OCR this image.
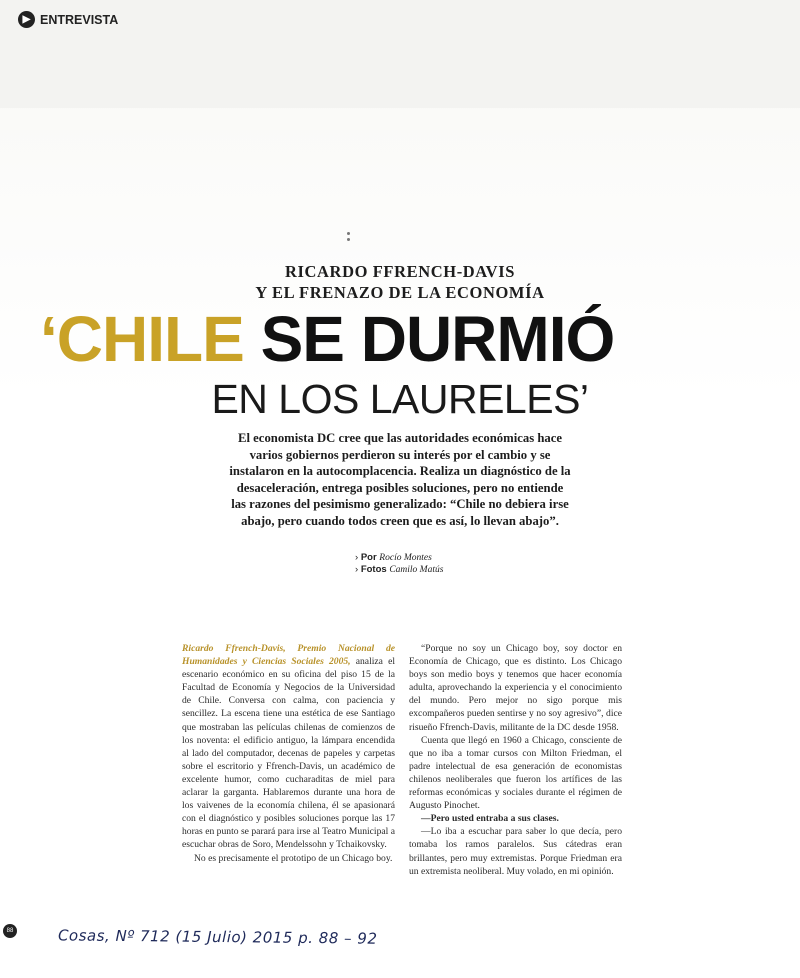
▶ ENTREVISTA
RICARDO FFRENCH-DAVIS
Y EL FRENAZO DE LA ECONOMÍA
‘CHILE SE DURMIÓ
EN LOS LAURELES’
El economista DC cree que las autoridades económicas hace varios gobiernos perdieron su interés por el cambio y se instalaron en la autocomplacencia. Realiza un diagnóstico de la desaceleración, entrega posibles soluciones, pero no entiende las razones del pesimismo generalizado: “Chile no debiera irse abajo, pero cuando todos creen que es así, lo llevan abajo”.
› Por Rocío Montes
› Fotos Camilo Matús

Ricardo Ffrench-Davis, Premio Nacional de Humanidades y Ciencias Sociales 2005, analiza el escenario económico en su oficina del piso 15 de la Facultad de Economía y Negocios de la Universidad de Chile. Conversa con calma, con paciencia y sencillez. La escena tiene una estética de ese Santiago que mostraban las películas chilenas de comienzos de los noventa: el edificio antiguo, la lámpara encendida al lado del computador, decenas de papeles y carpetas sobre el escritorio y Ffrench-Davis, un académico de excelente humor, como cucharaditas de miel para aclarar la garganta. Hablaremos durante una hora de los vaivenes de la economía chilena, él se apasionará con el diagnóstico y posibles soluciones porque las 17 horas en punto se parará para irse al Teatro Municipal a escuchar obras de Soro, Mendelssohn y Tchaikovsky.

No es precisamente el prototipo de un Chicago boy.

“Porque no soy un Chicago boy, soy doctor en Economía de Chicago, que es distinto. Los Chicago boys son medio boys y tenemos que hacer economía adulta, aprovechando la experiencia y el conocimiento del mundo. Pero mejor no sigo porque mis excompañeros pueden sentirse y no soy agresivo”, dice risueño Ffrench-Davis, militante de la DC desde 1958.

Cuenta que llegó en 1960 a Chicago, consciente de que no iba a tomar cursos con Milton Friedman, el padre intelectual de esa generación de economistas chilenos neoliberales que fueron los artífices de las reformas económicas y sociales durante el régimen de Augusto Pinochet.

—Pero usted entraba a sus clases.

—Lo iba a escuchar para saber lo que decía, pero tomaba los ramos paralelos. Sus cátedras eran brillantes, pero muy extremistas. Porque Friedman era un extremista neoliberal. Muy volado, en mi opinión.

88	Cosas, Nº 712 (15 Julio) 2015 p. 88 – 92
